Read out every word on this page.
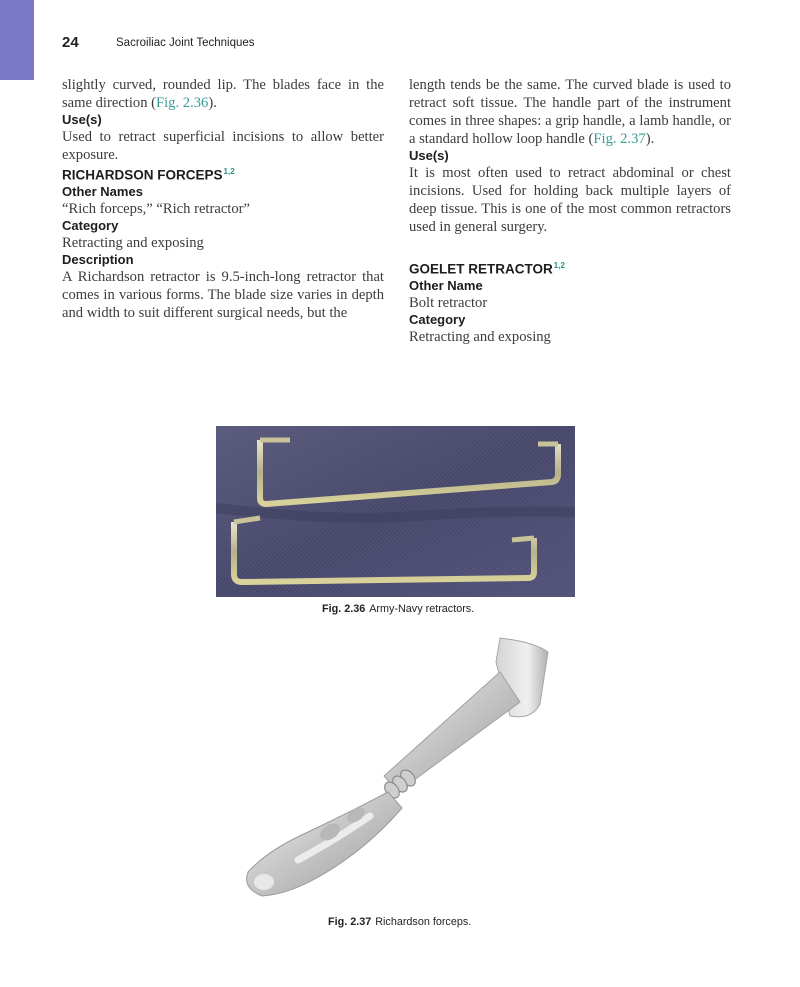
24	Sacroiliac Joint Techniques

slightly curved, rounded lip. The blades face in the same direction (Fig. 2.36).

Use(s)

Used to retract superficial incisions to allow better exposure.

RICHARDSON FORCEPS$^{1,2}$
Other Names

“Rich forceps,” “Rich retractor”

Category

Retracting and exposing

Description

A Richardson retractor is 9.5-inch-long retractor that comes in various forms. The blade size varies in depth and width to suit different surgical needs, but the

length tends be the same. The curved blade is used to retract soft tissue. The handle part of the instrument comes in three shapes: a grip handle, a lamb handle, or a standard hollow loop handle (Fig. 2.37).

Use(s)

It is most often used to retract abdominal or chest incisions. Used for holding back multiple layers of deep tissue. This is one of the most common retractors used in general surgery.

GOELET RETRACTOR$^{1,2}$
Other Name

Bolt retractor

Category

Retracting and exposing

Fig. 2.36 Army-Navy retractors.
Fig. 2.37 Richardson forceps.
